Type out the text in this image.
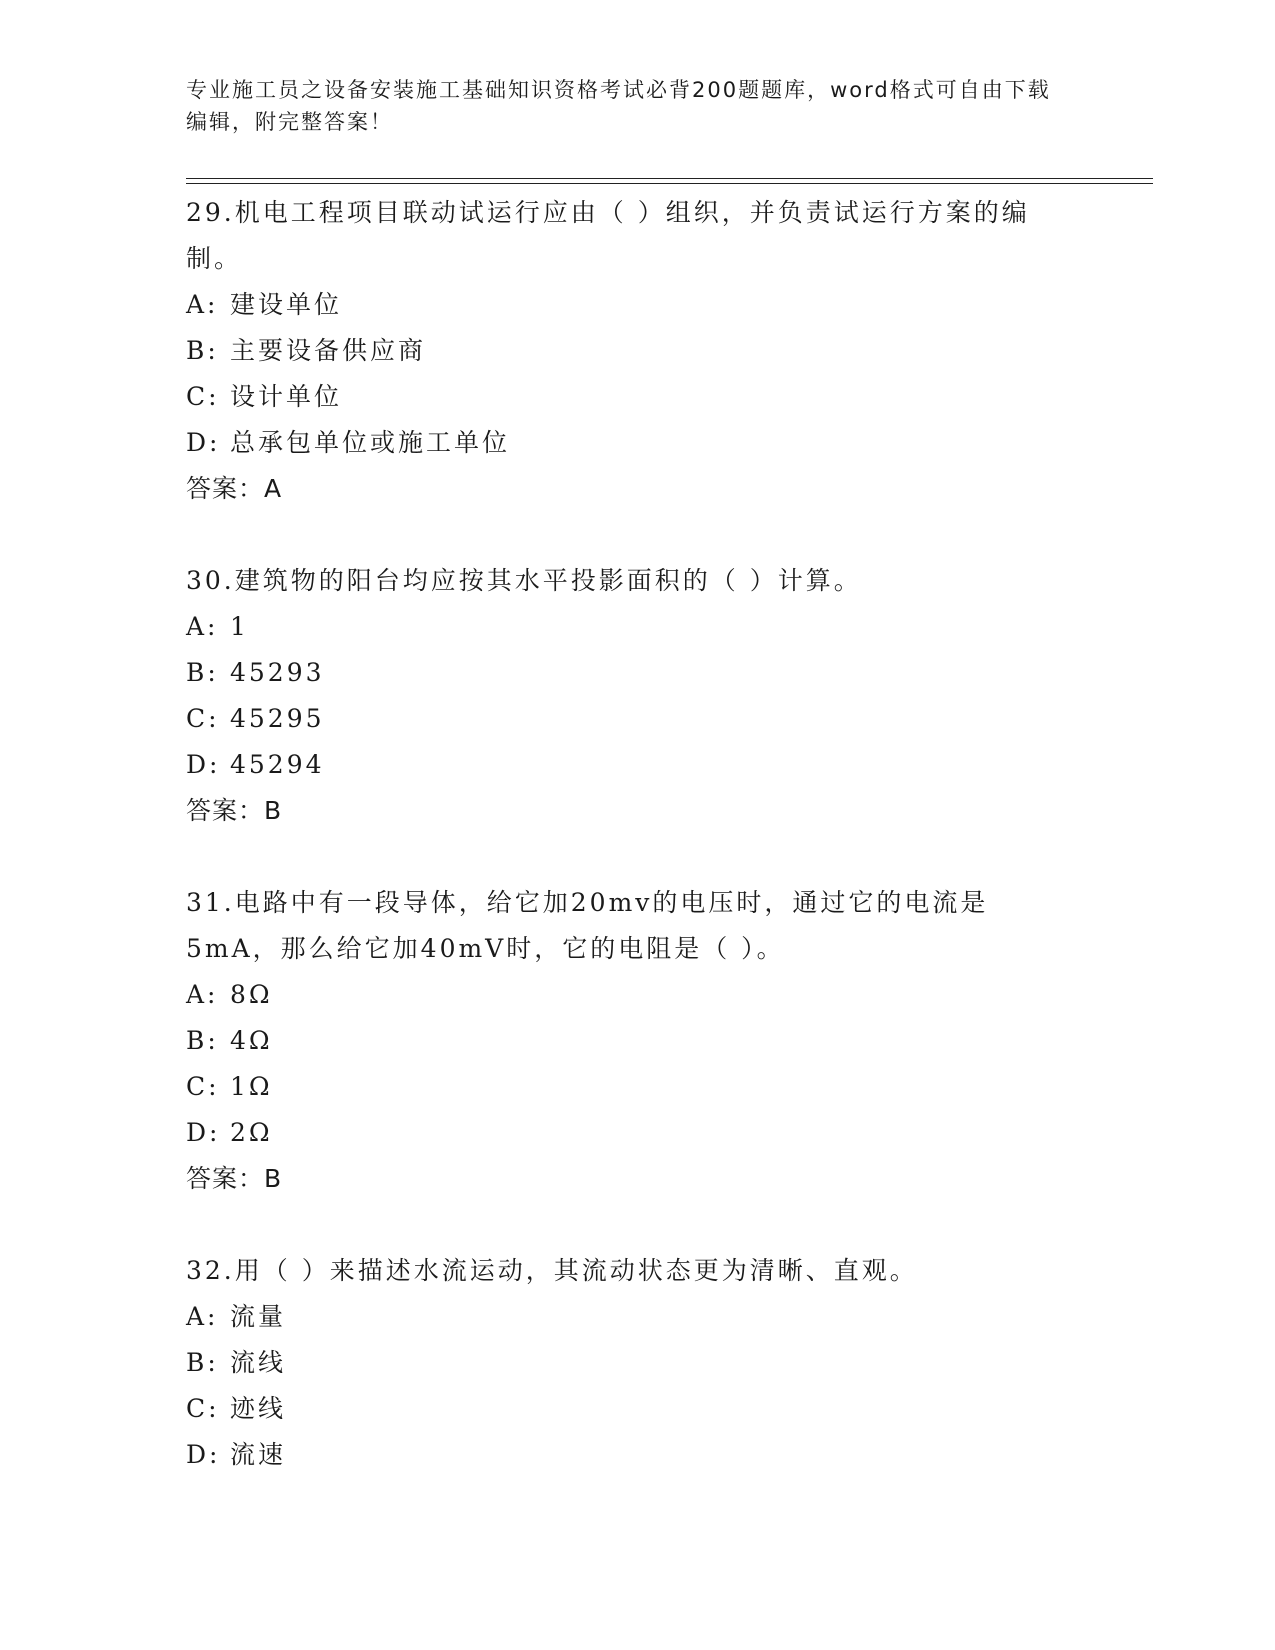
专业施工员之设备安装施工基础知识资格考试必背200题题库，word格式可自由下载编辑，附完整答案！

29.机电工程项目联动试运行应由（ ）组织，并负责试运行方案的编制。

A: 建设单位
B: 主要设备供应商
C: 设计单位
D: 总承包单位或施工单位

答案：A

30.建筑物的阳台均应按其水平投影面积的（ ）计算。

A: 1
B: 45293
C: 45295
D: 45294

答案：B

31.电路中有一段导体，给它加20mv的电压时，通过它的电流是5mA，那么给它加40mV时，它的电阻是（ ）。

A: 8Ω
B: 4Ω
C: 1Ω
D: 2Ω

答案：B

32.用（ ）来描述水流运动，其流动状态更为清晰、直观。

A: 流量
B: 流线
C: 迹线
D: 流速
